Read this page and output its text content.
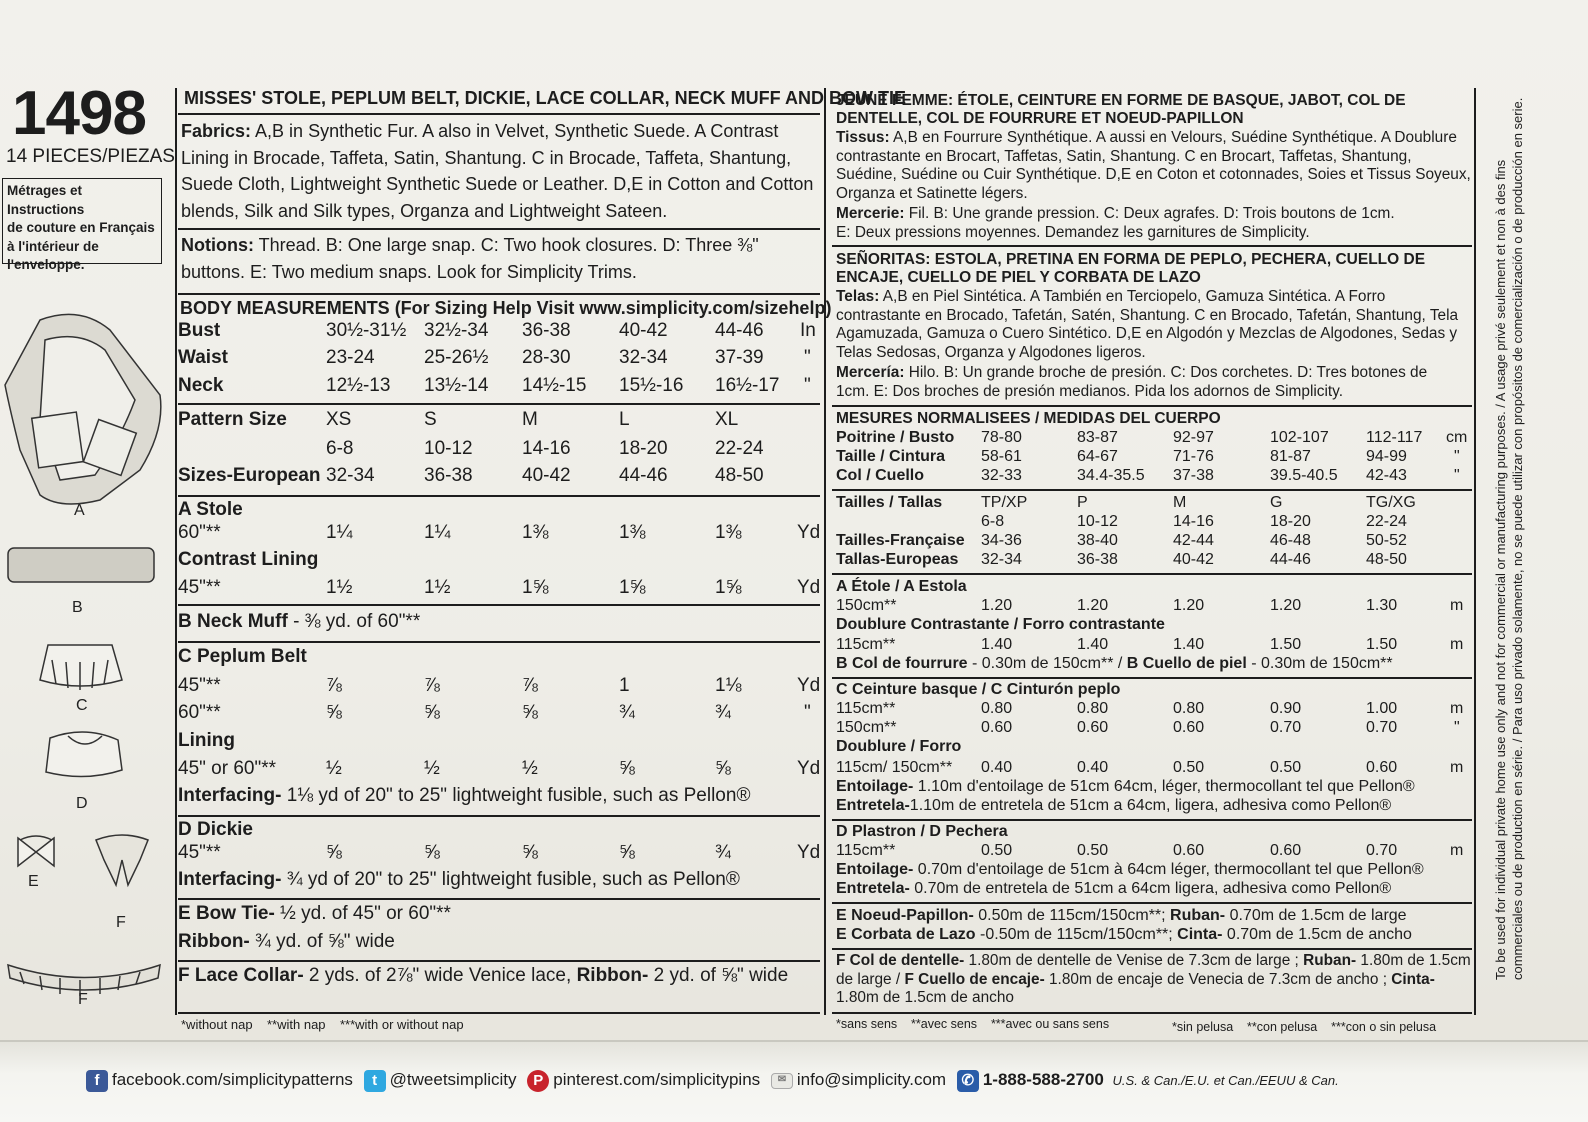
1498
14 PIECES/PIEZAS
Métrages et Instructions
de couture en Français
à l'intérieur de
l'enveloppe.
A
B
C
D
E
F
F
MISSES' STOLE, PEPLUM BELT, DICKIE, LACE COLLAR, NECK MUFF AND BOW TIE
Fabrics: A,B in Synthetic Fur. A also in Velvet, Synthetic Suede. A Contrast Lining in Brocade, Taffeta, Satin, Shantung. C in Brocade, Taffeta, Shantung, Suede Cloth, Lightweight Synthetic Suede or Leather. D,E in Cotton and Cotton blends, Silk and Silk types, Organza and Lightweight Sateen.
Notions: Thread. B: One large snap. C: Two hook closures. D: Three ⅜" buttons. E: Two medium snaps. Look for Simplicity Trims.
BODY MEASUREMENTS (For Sizing Help Visit www.simplicity.com/sizehelp)
Bust	30½-31½ 32½-34 36-38	40-42 44-46 In
Waist	23-24	25-26½ 28-30	32-34 37-39 "
Neck	12½-13 13½-14 14½-15 15½-16 16½-17 "
Pattern Size XS	S	M	L	XL
6-8	10-12	14-16	18-20 22-24
Sizes-European 32-34	36-38	40-42	44-46 48-50
A Stole
60"**	1¼	1¼	1⅜	1⅜	1⅜	Yd
Contrast Lining
45"**	1½	1½	1⅝	1⅝	1⅝	Yd
B Neck Muff - ⅜ yd. of 60"**
C Peplum Belt
45"**	⅞	⅞	⅞	1	1⅛	Yd
60"**	⅝	⅝	⅝	¾	¾	"
Lining
45" or 60"**	½	½	½	⅝	⅝	Yd
Interfacing- 1⅛ yd of 20" to 25" lightweight fusible, such as Pellon®
D Dickie
45"**	⅝	⅝	⅝	⅝	¾	Yd
Interfacing- ¾ yd of 20" to 25" lightweight fusible, such as Pellon®
E Bow Tie- ½ yd. of 45" or 60"**
Ribbon- ¾ yd. of ⅝" wide
F Lace Collar- 2 yds. of 2⅞" wide Venice lace, Ribbon- 2 yd. of ⅝" wide
*without nap    **with nap    ***with or without nap
JEUNE FEMME: ÉTOLE, CEINTURE EN FORME DE BASQUE, JABOT, COL DE DENTELLE, COL DE FOURRURE ET NOEUD-PAPILLON
Tissus: A,B en Fourrure Synthétique. A aussi en Velours, Suédine Synthétique. A Doublure contrastante en Brocart, Taffetas, Satin, Shantung. C en Brocart, Taffetas, Shantung, Suédine, Suédine ou Cuir Synthétique. D,E en Coton et cotonnades, Soies et Tissus Soyeux, Organza et Satinette légers.
Mercerie: Fil. B: Une grande pression. C: Deux agrafes. D: Trois boutons de 1cm. E: Deux pressions moyennes. Demandez les garnitures de Simplicity.
SEÑORITAS: ESTOLA, PRETINA EN FORMA DE PEPLO, PECHERA, CUELLO DE ENCAJE, CUELLO DE PIEL Y CORBATA DE LAZO
Telas: A,B en Piel Sintética. A También en Terciopelo, Gamuza Sintética. A Forro contrastante en Brocado, Tafetán, Satén, Shantung. C en Brocado, Tafetán, Shantung, Tela Agamuzada, Gamuza o Cuero Sintético. D,E en Algodón y Mezclas de Algodones, Sedas y Telas Sedosas, Organza y Algodones ligeros.
Mercería: Hilo. B: Un grande broche de presión. C: Dos corchetes. D: Tres botones de 1cm. E: Dos broches de presión medianos. Pida los adornos de Simplicity.
MESURES NORMALISEES / MEDIDAS DEL CUERPO
Poitrine / Busto 78-80	83-87	92-97	102-107 112-117 cm
Taille / Cintura 58-61	64-67	71-76	81-87	94-99	"
Col / Cuello	32-33	34.4-35.5 37-38	39.5-40.5 42-43	"
Tailles / Tallas TP/XP	P	M	G	TG/XG
6-8	10-12	14-16	18-20	22-24
Tailles-Française 34-36	38-40	42-44	46-48	50-52
Tallas-Europeas 32-34	36-38	40-42	44-46	48-50
A Étole / A Estola
150cm**	1.20	1.20	1.20	1.20	1.30	m
Doublure Contrastante / Forro contrastante
115cm**	1.40	1.40	1.40	1.50	1.50	m
B Col de fourrure - 0.30m de 150cm** / B Cuello de piel - 0.30m de 150cm**
C Ceinture basque / C Cinturón peplo
115cm**	0.80	0.80	0.80	0.90	1.00	m
150cm**	0.60	0.60	0.60	0.70	0.70	"
Doublure / Forro
115cm/ 150cm** 0.40	0.40	0.50	0.50	0.60	m
Entoilage- 1.10m d'entoilage de 51cm 64cm, léger, thermocollant tel que Pellon®
Entretela-1.10m de entretela de 51cm a 64cm, ligera, adhesiva como Pellon®
D Plastron / D Pechera
115cm**	0.50	0.50	0.60	0.60	0.70	m
Entoilage- 0.70m d'entoilage de 51cm à 64cm léger, thermocollant tel que Pellon®
Entretela- 0.70m de entretela de 51cm a 64cm ligera, adhesiva como Pellon®
E Noeud-Papillon- 0.50m de 115cm/150cm**; Ruban- 0.70m de 1.5cm de large
E Corbata de Lazo -0.50m de 115cm/150cm**; Cinta- 0.70m de 1.5cm de ancho
F Col de dentelle- 1.80m de dentelle de Venise de 7.3cm de large ; Ruban- 1.80m de 1.5cm de large / F Cuello de encaje- 1.80m de encaje de Venecia de 7.3cm de ancho ; Cinta- 1.80m de 1.5cm de ancho
*sans sens    **avec sens    ***avec ou sans sens	*sin pelusa    **con pelusa    ***con o sin pelusa
To be used for individual private home use only and not for commercial or manufacturing purposes. / A usage privé seulement et non à des fins commerciales ou de production en série. / Para uso privado solamente, no se puede utilizar con propósitos de comercialización o de producción en serie.
f facebook.com/simplicitypatterns t @tweetsimplicity P pinterest.com/simplicitypins ✉ info@simplicity.com ✆ 1-888-588-2700 U.S. & Can./E.U. et Can./EEUU & Can.
